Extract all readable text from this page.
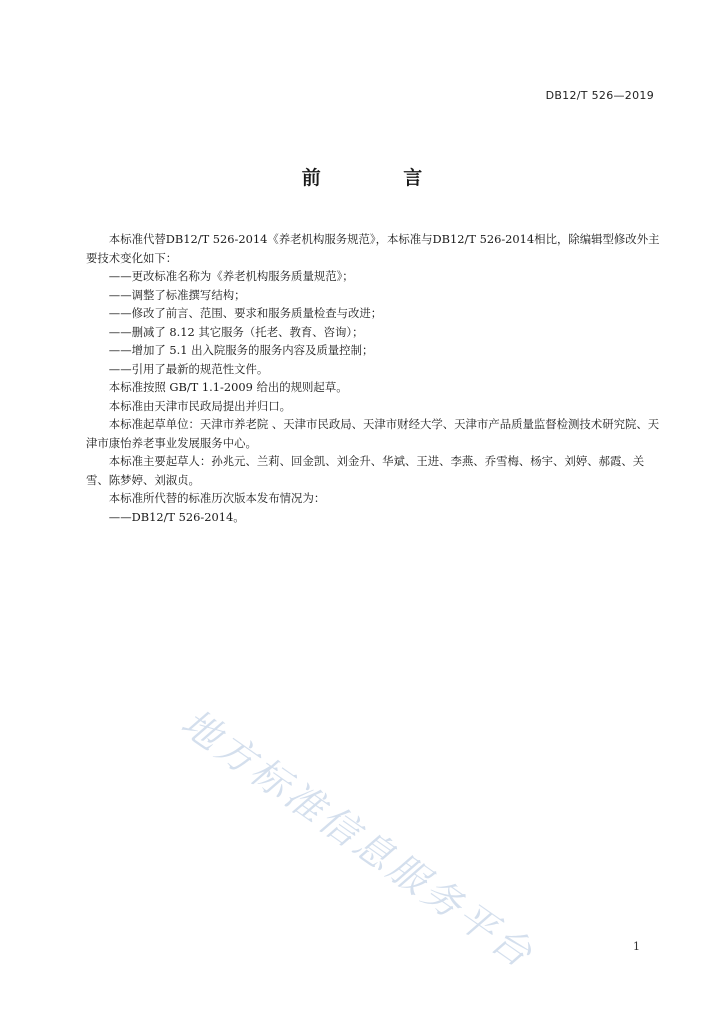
DB12/T 526—2019
前 言

本标准代替DB12/T 526-2014《养老机构服务规范》，本标准与DB12/T 526-2014相比，除编辑型修改外主要技术变化如下：

——更改标准名称为《养老机构服务质量规范》；

——调整了标准撰写结构；

——修改了前言、范围、要求和服务质量检查与改进；

——删减了 8.12 其它服务（托老、教育、咨询）；

——增加了 5.1 出入院服务的服务内容及质量控制；

——引用了最新的规范性文件。

本标准按照 GB/T 1.1-2009 给出的规则起草。

本标准由天津市民政局提出并归口。

本标准起草单位：天津市养老院 、天津市民政局、天津市财经大学、天津市产品质量监督检测技术研究院、天津市康怡养老事业发展服务中心。

本标准主要起草人：孙兆元、兰莉、回金凯、刘金升、华斌、王进、李燕、乔雪梅、杨宇、刘婷、郝霞、关雪、陈梦婷、刘淑贞。

本标准所代替的标准历次版本发布情况为：

——DB12/T 526-2014。

地方标准信息服务平台	1
